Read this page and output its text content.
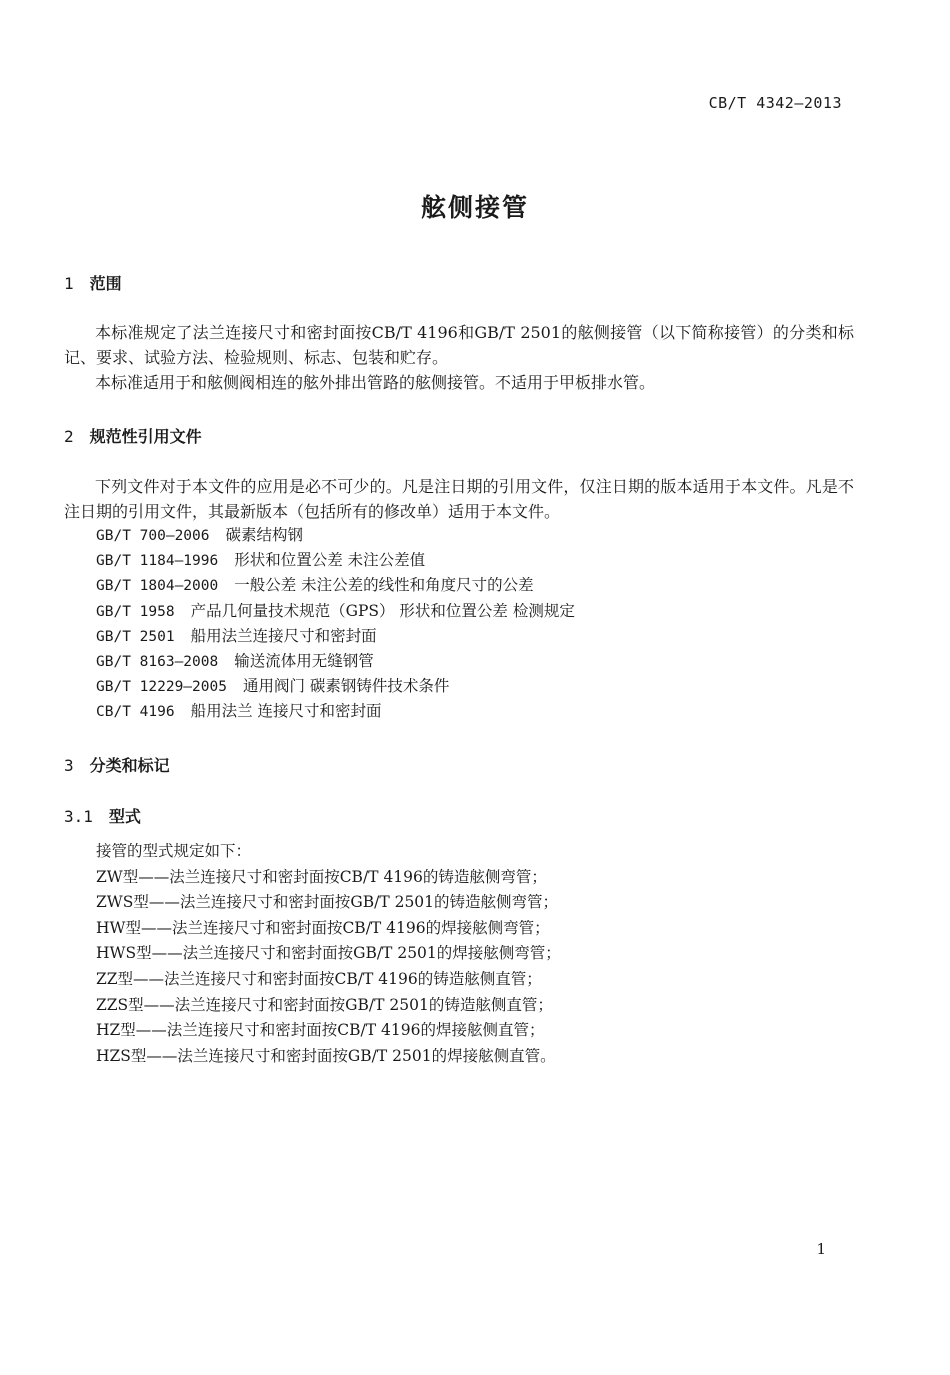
CB/T 4342—2013
舷侧接管
1 范围

本标准规定了法兰连接尺寸和密封面按CB/T 4196和GB/T 2501的舷侧接管（以下简称接管）的分类和标记、要求、试验方法、检验规则、标志、包装和贮存。

本标准适用于和舷侧阀相连的舷外排出管路的舷侧接管。不适用于甲板排水管。

2 规范性引用文件

下列文件对于本文件的应用是必不可少的。凡是注日期的引用文件，仅注日期的版本适用于本文件。凡是不注日期的引用文件，其最新版本（包括所有的修改单）适用于本文件。

GB/T 700—2006 碳素结构钢
GB/T 1184—1996 形状和位置公差 未注公差值
GB/T 1804—2000 一般公差 未注公差的线性和角度尺寸的公差
GB/T 1958 产品几何量技术规范（GPS） 形状和位置公差 检测规定
GB/T 2501 船用法兰连接尺寸和密封面
GB/T 8163—2008 输送流体用无缝钢管
GB/T 12229—2005 通用阀门 碳素钢铸件技术条件
CB/T 4196 船用法兰 连接尺寸和密封面
3 分类和标记
3.1 型式
接管的型式规定如下：
ZW型——法兰连接尺寸和密封面按CB/T 4196的铸造舷侧弯管；
ZWS型——法兰连接尺寸和密封面按GB/T 2501的铸造舷侧弯管；
HW型——法兰连接尺寸和密封面按CB/T 4196的焊接舷侧弯管；
HWS型——法兰连接尺寸和密封面按GB/T 2501的焊接舷侧弯管；
ZZ型——法兰连接尺寸和密封面按CB/T 4196的铸造舷侧直管；
ZZS型——法兰连接尺寸和密封面按GB/T 2501的铸造舷侧直管；
HZ型——法兰连接尺寸和密封面按CB/T 4196的焊接舷侧直管；
HZS型——法兰连接尺寸和密封面按GB/T 2501的焊接舷侧直管。
1
